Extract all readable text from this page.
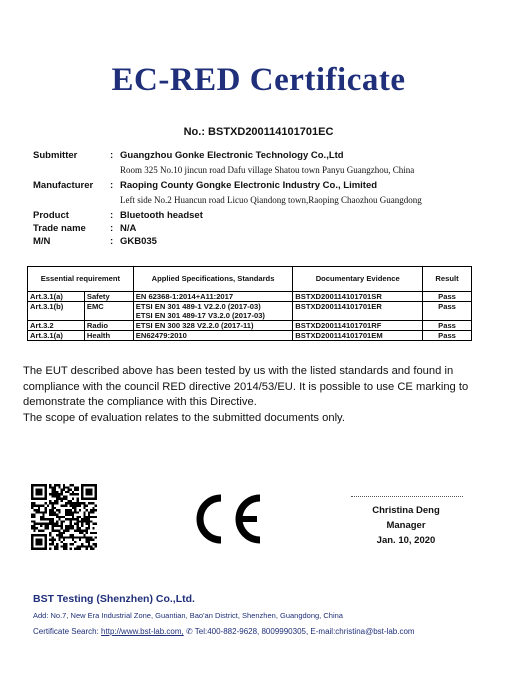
EC-RED Certificate
No.: BSTXD200114101701EC
Submitter	: Guangzhou Gonke Electronic Technology Co.,Ltd
Room 325 No.10 jincun road Dafu village Shatou town Panyu Guangzhou, China
Manufacturer : Raoping County Gongke Electronic Industry Co., Limited
Left side No.2 Huancun road Licuo Qiandong town,Raoping Chaozhou Guangdong
Product	: Bluetooth headset
Trade name	: N/A
M/N	: GKB035
Essential requirement		Applied Specifications, Standards	Documentary Evidence	Result
Art.3.1(a)	Safety	EN 62368-1:2014+A11:2017	BSTXD200114101701SR	Pass
Art.3.1(b)	EMC	ETSI EN 301 489-1 V2.2.0 (2017-03)
ETSI EN 301 489-17 V3.2.0 (2017-03)	BSTXD200114101701ER	Pass
Art.3.2	Radio	ETSI EN 300 328 V2.2.0 (2017-11)	BSTXD200114101701RF	Pass
Art.3.1(a)	Health	EN62479:2010	BSTXD200114101701EM	Pass
The EUT described above has been tested by us with the listed standards and found in
compliance with the council RED directive 2014/53/EU. It is possible to use CE marking to
demonstrate the compliance with this Directive.
The scope of evaluation relates to the submitted documents only.
Christina Deng
Manager
Jan. 10, 2020
BST Testing (Shenzhen) Co.,Ltd.
Add: No.7, New Era Industrial Zone, Guantian, Bao'an District, Shenzhen, Guangdong, China
Certificate Search: http://www.bst-lab.com, ✆ Tel:400-882-9628, 8009990305, E-mail:christina@bst-lab.com
